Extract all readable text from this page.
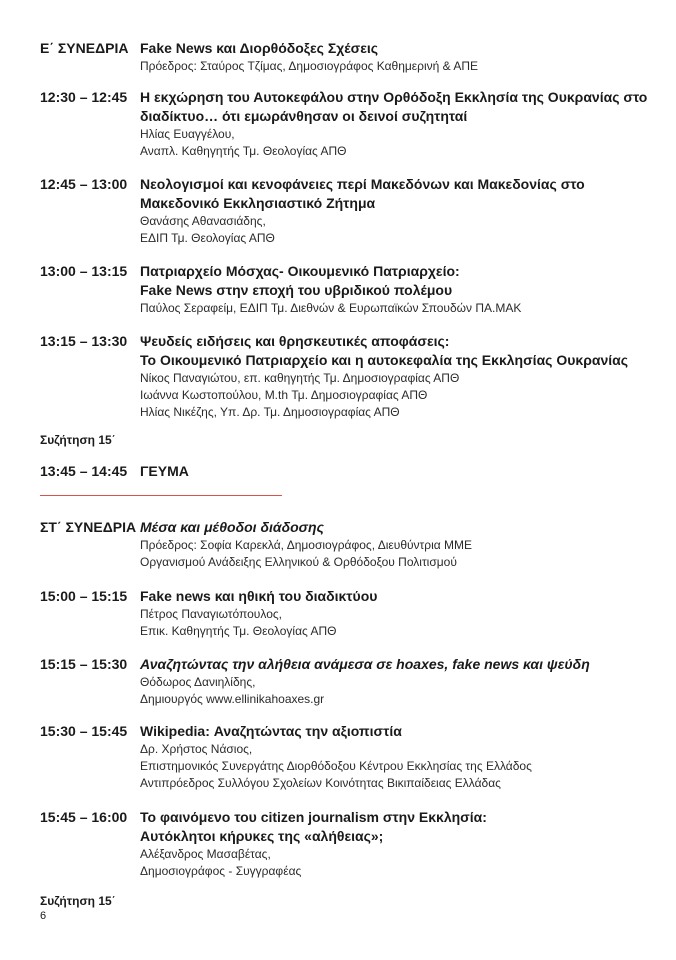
Ε΄ ΣΥΝΕΔΡΙΑ Fake News και Διορθόδοξες Σχέσεις
Πρόεδρος: Σταύρος Τζίμας, Δημοσιογράφος Καθημερινή & ΑΠΕ
12:30 – 12:45 Η εκχώρηση του Αυτοκεφάλου στην Ορθόδοξη Εκκλησία της Ουκρανίας στο
διαδίκτυο… ότι εμωράνθησαν οι δεινοί συζητηταί
Ηλίας Ευαγγέλου,
Αναπλ. Καθηγητής Τμ. Θεολογίας ΑΠΘ
12:45 – 13:00 Νεολογισμοί και κενοφάνειες περί Μακεδόνων και Μακεδονίας στο
Μακεδονικό Εκκλησιαστικό Ζήτημα
Θανάσης Αθανασιάδης,
ΕΔΙΠ Τμ. Θεολογίας ΑΠΘ
13:00 – 13:15 Πατριαρχείο Μόσχας- Οικουμενικό Πατριαρχείο:
Fake News στην εποχή του υβριδικού πολέμου
Παύλος Σεραφείμ, ΕΔΙΠ Τμ. Διεθνών & Ευρωπαϊκών Σπουδών ΠΑ.ΜΑΚ
13:15 – 13:30 Ψευδείς ειδήσεις και θρησκευτικές αποφάσεις:
Το Οικουμενικό Πατριαρχείο και η αυτοκεφαλία της Εκκλησίας Ουκρανίας
Νίκος Παναγιώτου, επ. καθηγητής Τμ. Δημοσιογραφίας ΑΠΘ
Ιωάννα Κωστοπούλου, M.th Τμ. Δημοσιογραφίας ΑΠΘ
Ηλίας Νικέζης, Υπ. Δρ. Τμ. Δημοσιογραφίας ΑΠΘ
Συζήτηση 15΄
13:45 – 14:45 ΓΕΥΜΑ
ΣΤ΄ ΣΥΝΕΔΡΙΑ Μέσα και μέθοδοι διάδοσης
Πρόεδρος: Σοφία Καρεκλά, Δημοσιογράφος, Διευθύντρια ΜΜΕ
Οργανισμού Ανάδειξης Ελληνικού & Ορθόδοξου Πολιτισμού
15:00 – 15:15 Fake news και ηθική του διαδικτύου
Πέτρος Παναγιωτόπουλος,
Επικ. Καθηγητής Τμ. Θεολογίας ΑΠΘ
15:15 – 15:30 Αναζητώντας την αλήθεια ανάμεσα σε hoaxes, fake news και ψεύδη
Θόδωρος Δανιηλίδης,
Δημιουργός www.ellinikahoaxes.gr
15:30 – 15:45 Wikipedia: Αναζητώντας την αξιοπιστία
Δρ. Χρήστος Νάσιος,
Επιστημονικός Συνεργάτης Διορθόδοξου Κέντρου Εκκλησίας της Ελλάδος
Αντιπρόεδρος Συλλόγου Σχολείων Κοινότητας Βικιπαίδειας Ελλάδας
15:45 – 16:00 Το φαινόμενο του citizen journalism στην Εκκλησία:
Αυτόκλητοι κήρυκες της «αλήθειας»;
Αλέξανδρος Μασαβέτας,
Δημοσιογράφος - Συγγραφέας
Συζήτηση 15΄
6
